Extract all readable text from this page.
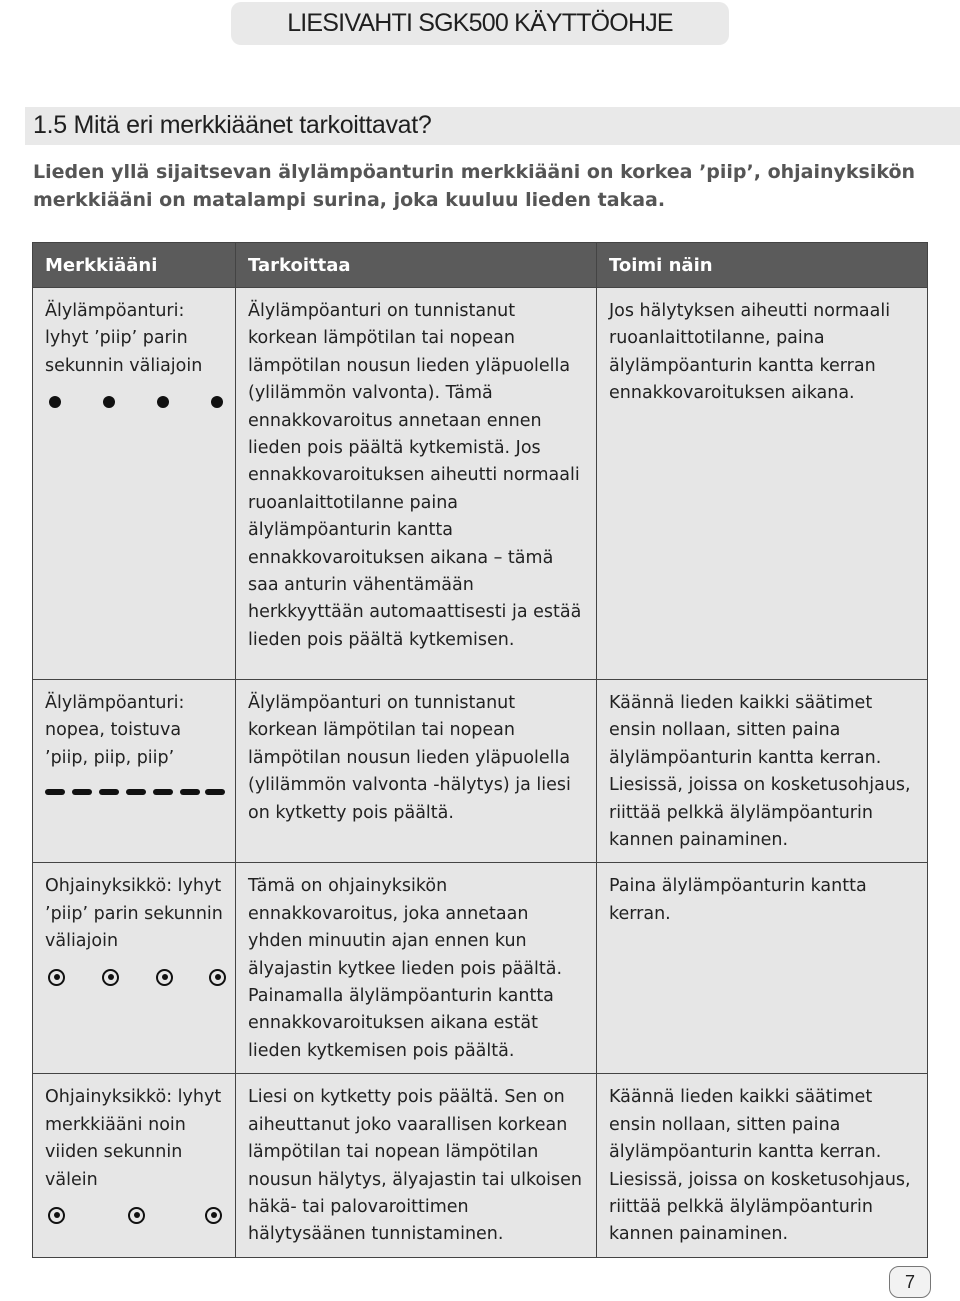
LIESIVAHTI SGK500 KÄYTTÖOHJE
1.5 Mitä eri merkkiäänet tarkoittavat?
Lieden yllä sijaitsevan älylämpöanturin merkkiääni on korkea ’piip’, ohjainyksikön merkkiääni on matalampi surina, joka kuuluu lieden takaa.
Merkkiääni	Tarkoittaa	Toimi näin

Älylämpöanturi: lyhyt ’piip’ parin sekunnin väliajoin	Älylämpöanturi on tunnistanut korkean lämpötilan tai nopean lämpötilan nousun lieden yläpuolella (ylilämmön valvonta). Tämä ennakkovaroitus annetaan ennen lieden pois päältä kytkemistä. Jos ennakkovaroituksen aiheutti normaali ruoanlaittotilanne paina älylämpöanturin kantta ennakkovaroituksen aikana – tämä saa anturin vähentämään herkkyyttään automaattisesti ja estää lieden pois päältä kytkemisen.	Jos hälytyksen aiheutti normaali ruoanlaittotilanne, paina älylämpöanturin kantta kerran ennakkovaroituksen aikana.

Älylämpöanturi: nopea, toistuva ’piip, piip, piip’	Älylämpöanturi on tunnistanut korkean lämpötilan tai nopean lämpötilan nousun lieden yläpuolella (ylilämmön valvonta -hälytys) ja liesi on kytketty pois päältä.	Käännä lieden kaikki säätimet ensin nollaan, sitten paina älylämpöanturin kantta kerran. Liesissä, joissa on kosketusohjaus, riittää pelkkä älylämpöanturin kannen painaminen.

Ohjainyksikkö: lyhyt ’piip’ parin sekunnin väliajoin	Tämä on ohjainyksikön ennakkovaroitus, joka annetaan yhden minuutin ajan ennen kun älyajastin kytkee lieden pois päältä. Painamalla älylämpöanturin kantta ennakkovaroituksen aikana estät lieden kytkemisen pois päältä.	Paina älylämpöanturin kantta kerran.

Ohjainyksikkö: lyhyt merkkiääni noin viiden sekunnin välein	Liesi on kytketty pois päältä. Sen on aiheuttanut joko vaarallisen korkean lämpötilan tai nopean lämpötilan nousun hälytys, älyajastin tai ulkoisen häkä- tai palovaroittimen hälytysäänen tunnistaminen.	Käännä lieden kaikki säätimet ensin nollaan, sitten paina älylämpöanturin kantta kerran. Liesissä, joissa on kosketusohjaus, riittää pelkkä älylämpöanturin kannen painaminen.
7
